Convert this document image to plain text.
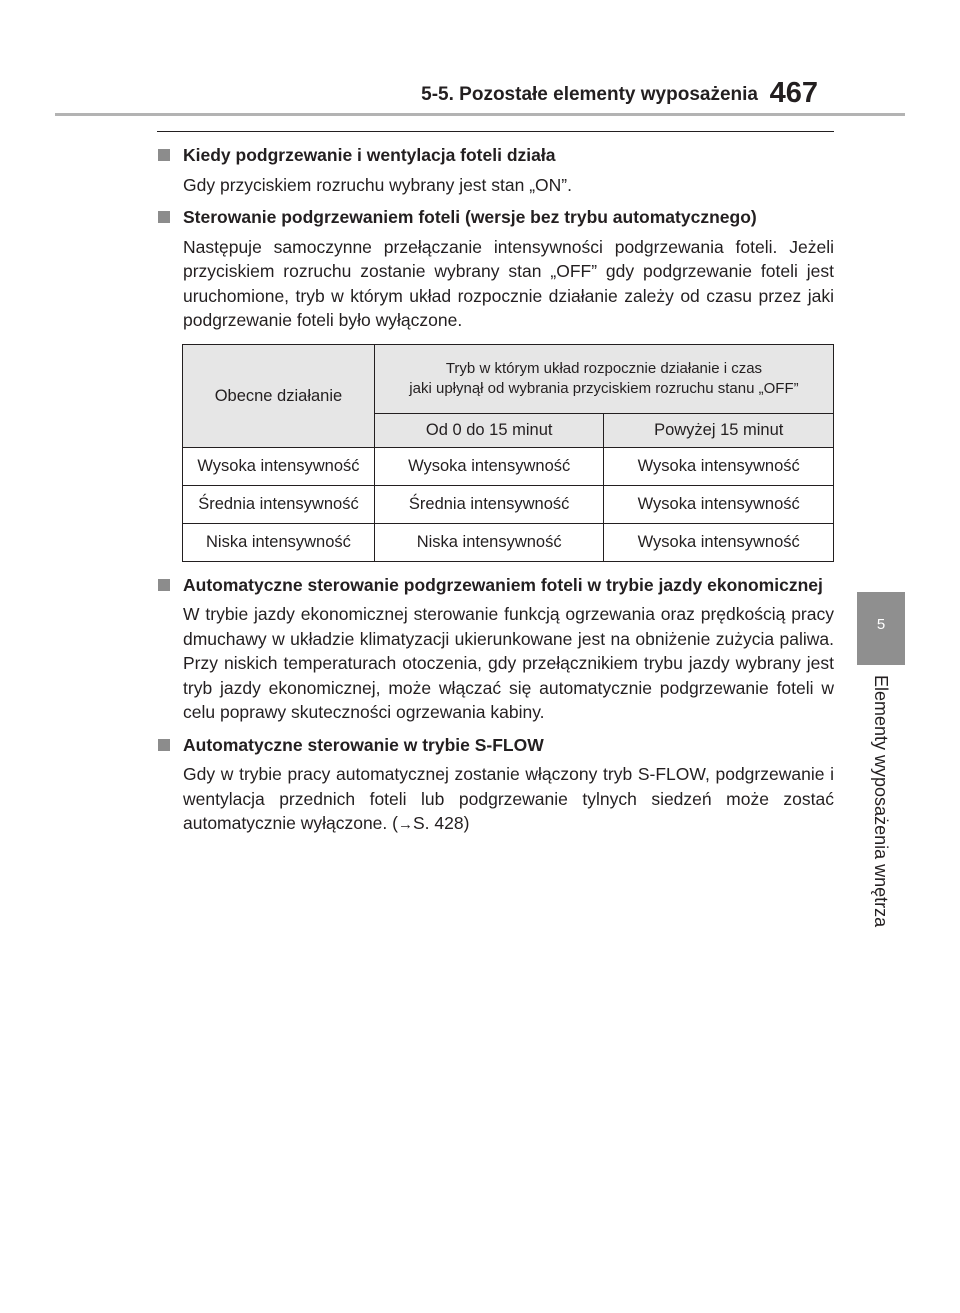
5-5. Pozostałe elementy wyposażenia 467
5
Elementy wyposażenia wnętrza
Kiedy podgrzewanie i wentylacja foteli działa
Gdy przyciskiem rozruchu wybrany jest stan „ON”.
Sterowanie podgrzewaniem foteli (wersje bez trybu automatycznego)
Następuje samoczynne przełączanie intensywności podgrzewania foteli. Jeżeli przyciskiem rozruchu zostanie wybrany stan „OFF” gdy podgrzewanie foteli jest uruchomione, tryb w którym układ rozpocznie działanie zależy od czasu przez jaki podgrzewanie foteli było wyłączone.
Obecne działanie	Tryb w którym układ rozpocznie działanie i czas
jaki upłynął od wybrania przyciskiem rozruchu stanu „OFF”	

	Od 0 do 15 minut	Powyżej 15 minut
Wysoka intensywność	Wysoka intensywność	Wysoka intensywność
Średnia intensywność	Średnia intensywność	Wysoka intensywność
Niska intensywność	Niska intensywność	Wysoka intensywność
Automatyczne sterowanie podgrzewaniem foteli w trybie jazdy ekonomicznej
W trybie jazdy ekonomicznej sterowanie funkcją ogrzewania oraz prędkością pracy dmuchawy w układzie klimatyzacji ukierunkowane jest na obniżenie zużycia paliwa. Przy niskich temperaturach otoczenia, gdy przełącznikiem trybu jazdy wybrany jest tryb jazdy ekonomicznej, może włączać się automatycznie podgrzewanie foteli w celu poprawy skuteczności ogrzewania kabiny.
Automatyczne sterowanie w trybie S-FLOW
Gdy w trybie pracy automatycznej zostanie włączony tryb S-FLOW, podgrzewanie i wentylacja przednich foteli lub podgrzewanie tylnych siedzeń może zostać automatycznie wyłączone. (→S. 428)
